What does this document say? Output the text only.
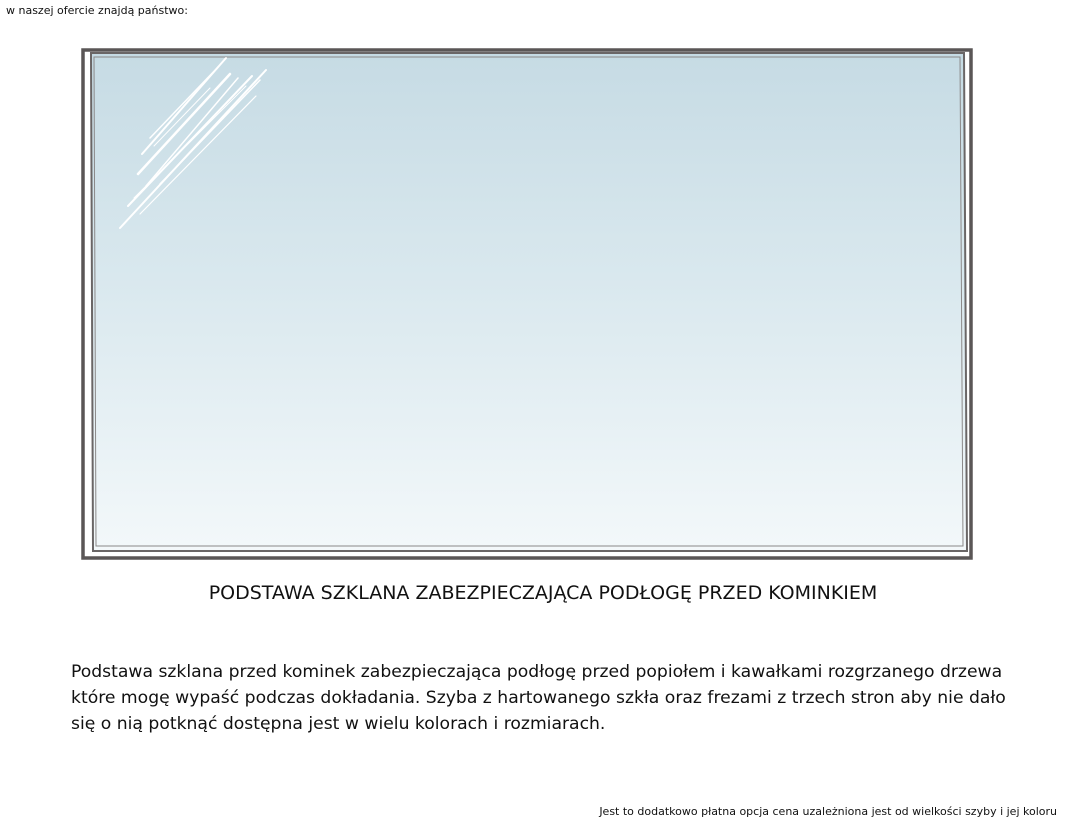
w naszej ofercie znajdą państwo:
PODSTAWA SZKLANA ZABEZPIECZAJĄCA PODŁOGĘ PRZED KOMINKIEM
Podstawa szklana przed kominek zabezpieczająca podłogę przed popiołem i kawałkami rozgrzanego drzewa
które mogę wypaść podczas dokładania. Szyba z hartowanego szkła oraz frezami z trzech stron aby nie dało
się o nią potknąć dostępna jest w wielu kolorach i rozmiarach.
Jest to dodatkowo płatna opcja cena uzależniona jest od wielkości szyby i jej koloru
